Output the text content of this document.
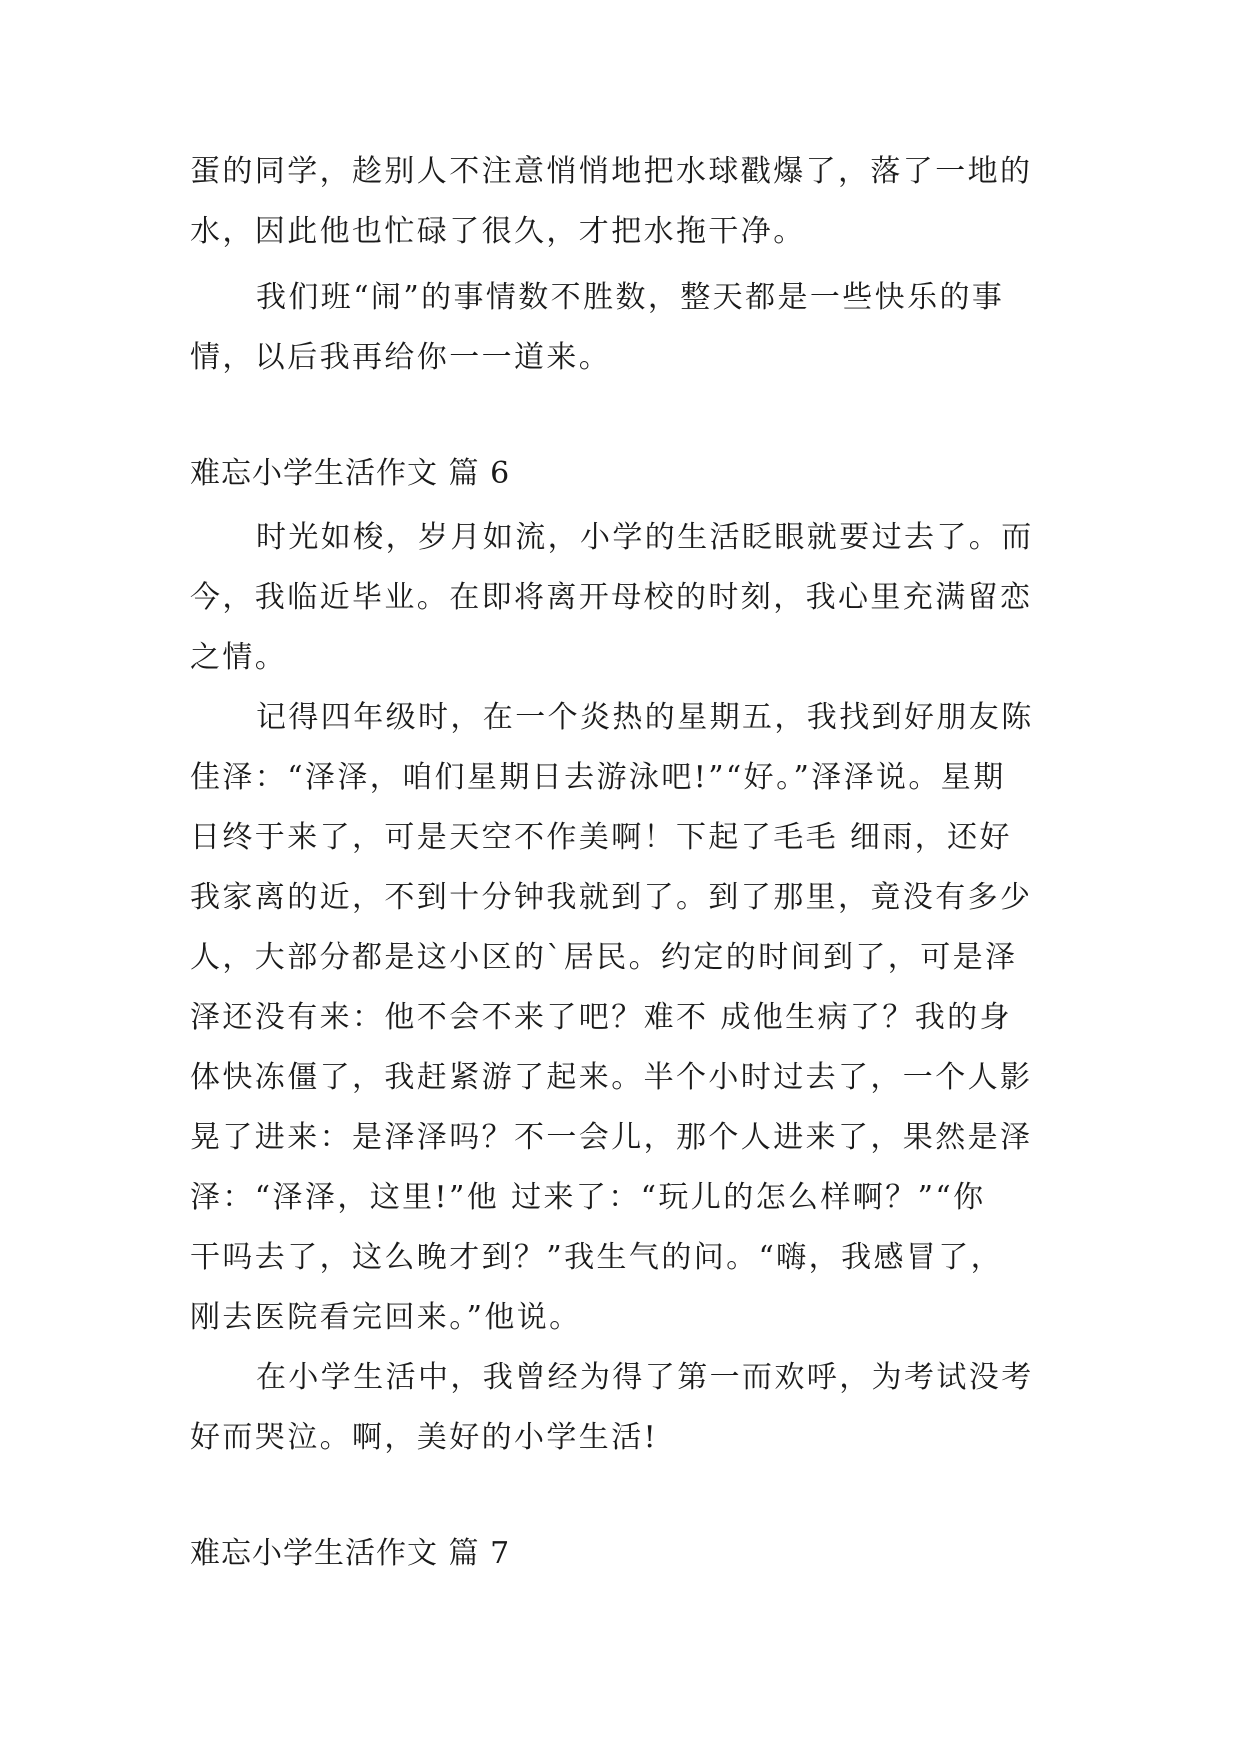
蛋的同学，趁别人不注意悄悄地把水球戳爆了，落了一地的
水，因此他也忙碌了很久，才把水拖干净。
我们班“闹”的事情数不胜数，整天都是一些快乐的事
情，以后我再给你一一道来。
难忘小学生活作文 篇 6
时光如梭，岁月如流，小学的生活眨眼就要过去了。而
今，我临近毕业。在即将离开母校的时刻，我心里充满留恋
之情。
记得四年级时，在一个炎热的星期五，我找到好朋友陈
佳泽：“泽泽，咱们星期日去游泳吧!”“好。”泽泽说。星期
日终于来了，可是天空不作美啊！下起了毛毛 细雨，还好
我家离的近，不到十分钟我就到了。到了那里，竟没有多少
人，大部分都是这小区的`居民。约定的时间到了，可是泽
泽还没有来：他不会不来了吧？难不 成他生病了？我的身
体快冻僵了，我赶紧游了起来。半个小时过去了，一个人影
晃了进来：是泽泽吗？不一会儿，那个人进来了，果然是泽
泽：“泽泽，这里!”他 过来了：“玩儿的怎么样啊？”“你
干吗去了，这么晚才到？”我生气的问。“嗨，我感冒了，
刚去医院看完回来。”他说。
在小学生活中，我曾经为得了第一而欢呼，为考试没考
好而哭泣。啊，美好的小学生活!
难忘小学生活作文 篇 7
